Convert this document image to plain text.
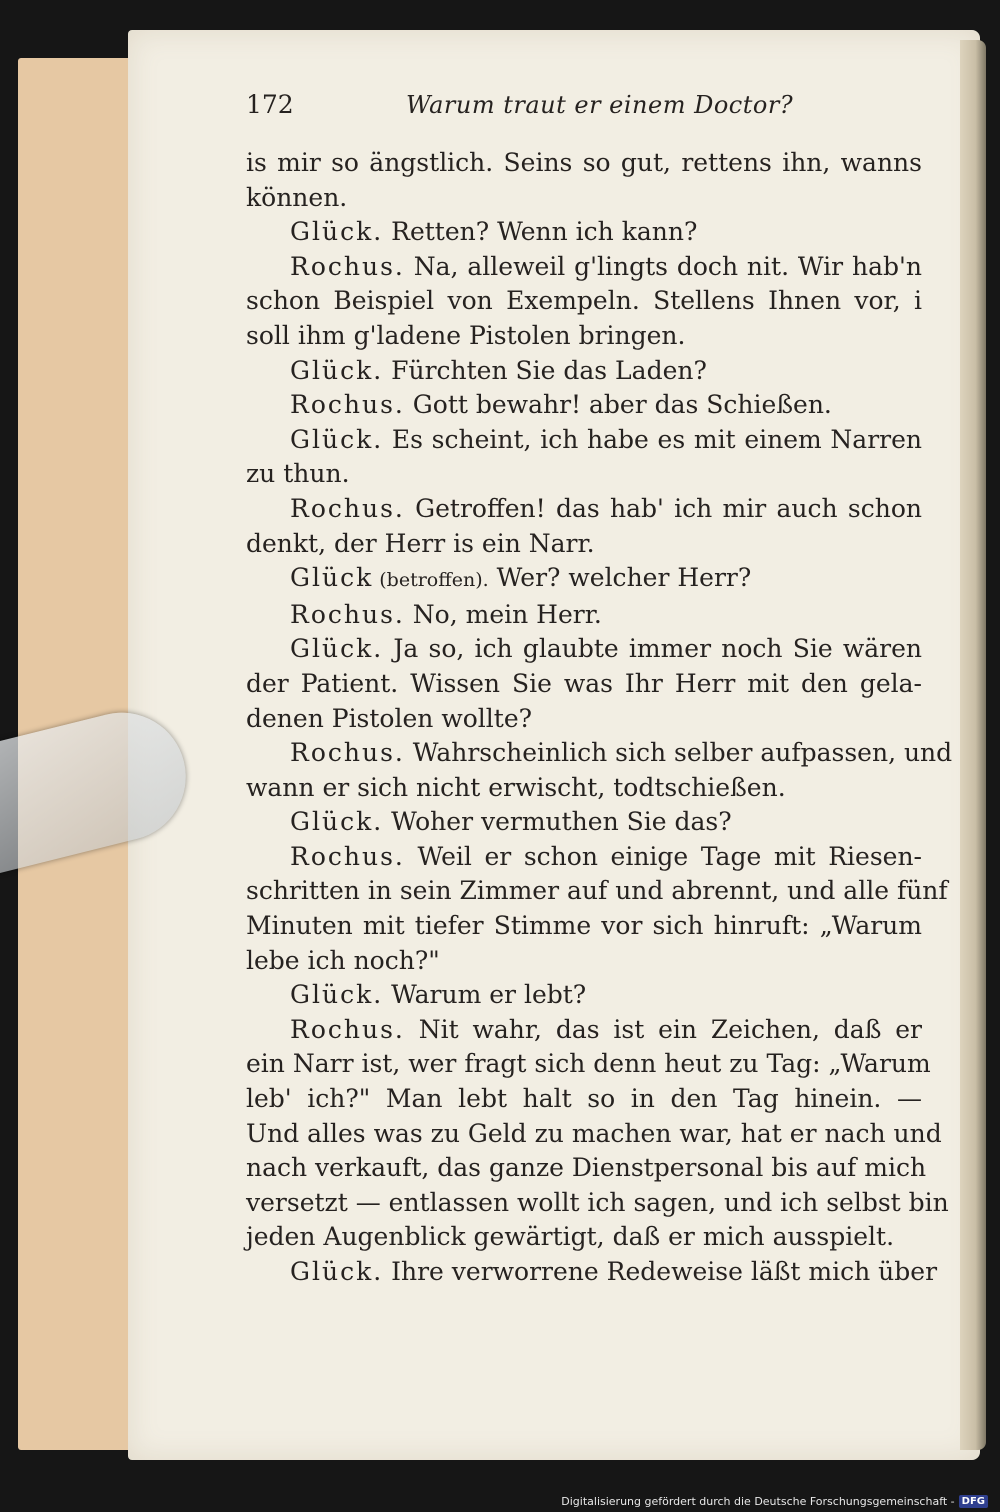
172	Warum traut er einem Doctor?
is mir so ängstlich. Seins so gut, rettens ihn, wanns
können.
Glück. Retten? Wenn ich kann?
Rochus. Na, alleweil g'lingts doch nit. Wir hab'n
schon Beispiel von Exempeln. Stellens Ihnen vor, i
soll ihm g'ladene Pistolen bringen.
Glück. Fürchten Sie das Laden?
Rochus. Gott bewahr! aber das Schießen.
Glück. Es scheint, ich habe es mit einem Narren
zu thun.
Rochus. Getroffen! das hab' ich mir auch schon
denkt, der Herr is ein Narr.
Glück (betroffen). Wer? welcher Herr?
Rochus. No, mein Herr.
Glück. Ja so, ich glaubte immer noch Sie wären
der Patient. Wissen Sie was Ihr Herr mit den gela-
denen Pistolen wollte?
Rochus. Wahrscheinlich sich selber aufpassen, und
wann er sich nicht erwischt, todtschießen.
Glück. Woher vermuthen Sie das?
Rochus. Weil er schon einige Tage mit Riesen-
schritten in sein Zimmer auf und abrennt, und alle fünf
Minuten mit tiefer Stimme vor sich hinruft: „Warum
lebe ich noch?"
Glück. Warum er lebt?
Rochus. Nit wahr, das ist ein Zeichen, daß er
ein Narr ist, wer fragt sich denn heut zu Tag: „Warum
leb' ich?" Man lebt halt so in den Tag hinein. —
Und alles was zu Geld zu machen war, hat er nach und
nach verkauft, das ganze Dienstpersonal bis auf mich
versetzt — entlassen wollt ich sagen, und ich selbst bin
jeden Augenblick gewärtigt, daß er mich ausspielt.
Glück. Ihre verworrene Redeweise läßt mich über
Digitalisierung gefördert durch die Deutsche Forschungsgemeinschaft - DFG
